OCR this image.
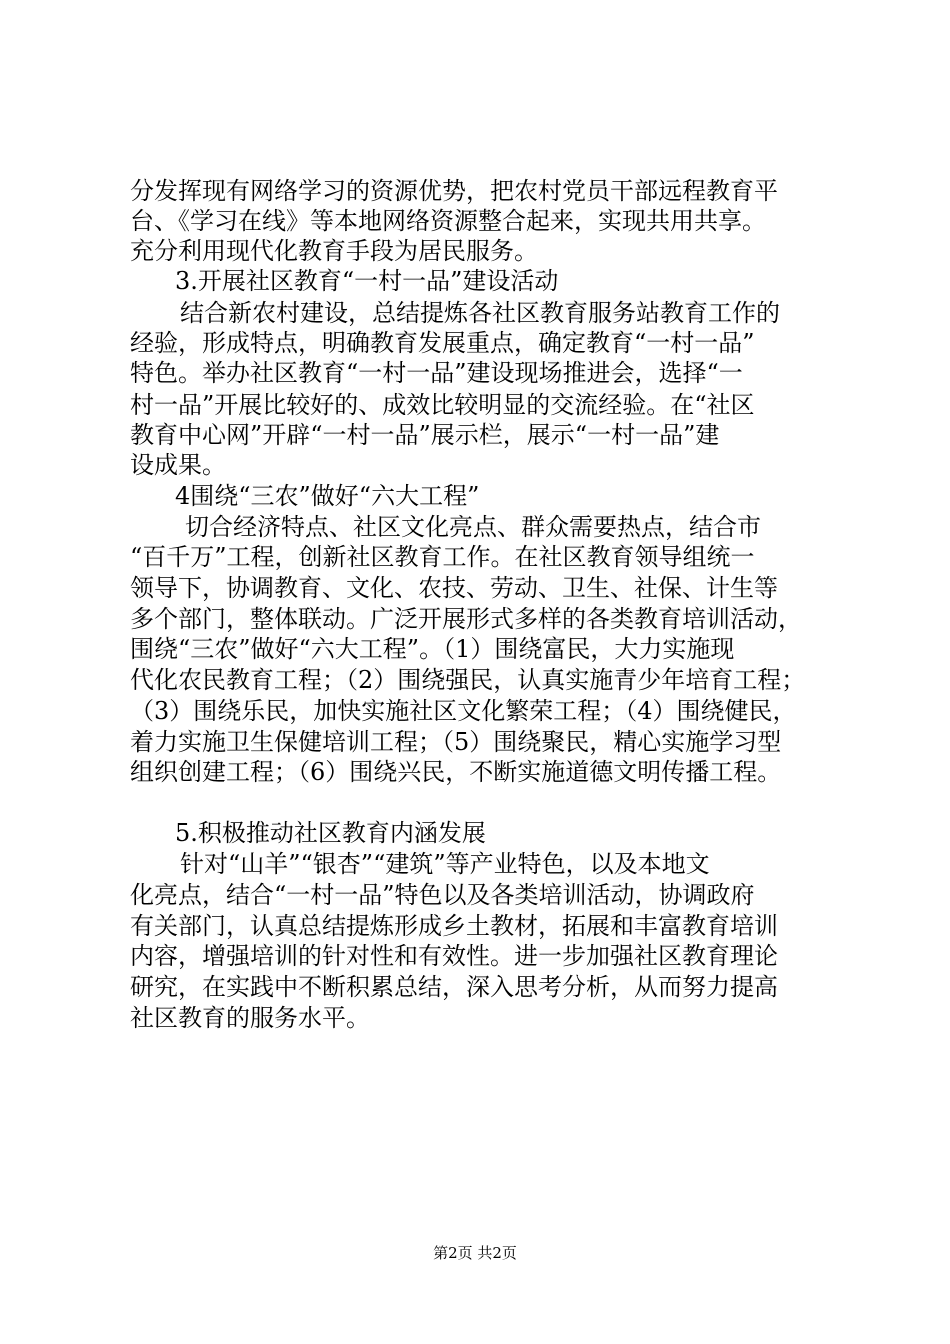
分发挥现有网络学习的资源优势，把农村党员干部远程教育平
台、《学习在线》等本地网络资源整合起来，实现共用共享。
充分利用现代化教育手段为居民服务。
3.开展社区教育“一村一品”建设活动
结合新农村建设，总结提炼各社区教育服务站教育工作的
经验，形成特点，明确教育发展重点，确定教育“一村一品”
特色。举办社区教育“一村一品”建设现场推进会，选择“一
村一品”开展比较好的、成效比较明显的交流经验。在“社区
教育中心网”开辟“一村一品”展示栏，展示“一村一品”建
设成果。
4围绕“三农”做好“六大工程”
切合经济特点、社区文化亮点、群众需要热点，结合市
“百千万”工程，创新社区教育工作。在社区教育领导组统一
领导下，协调教育、文化、农技、劳动、卫生、社保、计生等
多个部门，整体联动。广泛开展形式多样的各类教育培训活动，
围绕“三农”做好“六大工程”。（1）围绕富民，大力实施现
代化农民教育工程；（2）围绕强民，认真实施青少年培育工程；
（3）围绕乐民，加快实施社区文化繁荣工程；（4）围绕健民，
着力实施卫生保健培训工程；（5）围绕聚民，精心实施学习型
组织创建工程；（6）围绕兴民，不断实施道德文明传播工程。
5.积极推动社区教育内涵发展
针对“山羊”“银杏”“建筑”等产业特色，以及本地文
化亮点，结合“一村一品”特色以及各类培训活动，协调政府
有关部门，认真总结提炼形成乡土教材，拓展和丰富教育培训
内容，增强培训的针对性和有效性。进一步加强社区教育理论
研究，在实践中不断积累总结，深入思考分析，从而努力提高
社区教育的服务水平。
第2页 共2页
